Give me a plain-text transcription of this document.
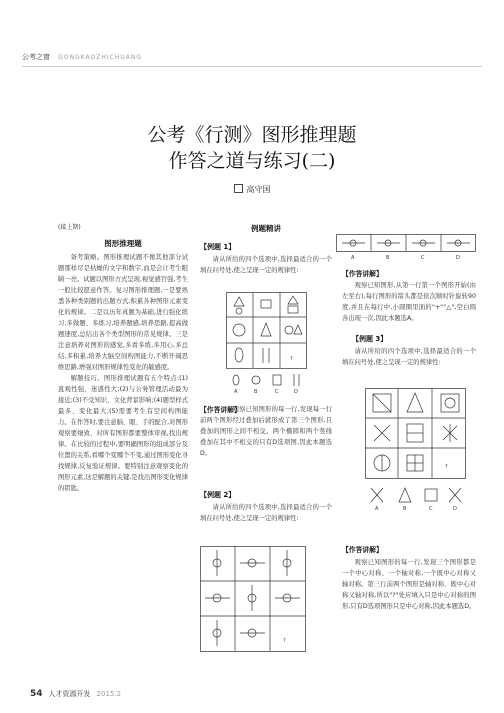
公考之窗 GONGKAOZHICHUANG
公考《行测》图形推理题
作答之道与练习(二)
高守国
(接上期)
图形推理题

备考策略。图形推理试题不像其他部分试题那样尽是枯燥的文字和数字,而是会让考生眼睛一亮。试题以图形方式呈现,视觉感官强,考生一般比较愿意作答。复习图形推理题,一是要熟悉各种类别题的出题方式,积累各种图形元素变化的规律。二是以历年真题为基础,进行强化练习,多做题、多练习,培养题感,培养思路,提高做题速度,总结出各个类型图形的常见规律。三是注意培养对图形的感觉,多看多练,多用心,多总结,多积累,培养大脑空间构图能力,不断开阔思维思路,增强对图形规律性变化的敏感度。

解题技巧。图形推理试题有五个特点:(1)直观性强、迷惑性大;(2)与公务管理活动最为接近;(3)不受知识、文化背景影响;(4)题型样式最多、变化最大;(5)需要考生有空间构图能力。在作答时,要注意脑、眼、手的配合,对图形观察要细致、对所有图形都要整体审视,找出规律。在比较的过程中,要明确图形的组成部分及位置的关系,看哪个变哪个不变,通过图形变化寻找规律,反复验证规律。要特别注意观察变化的图形元素,这是解题的关键,是找出图形变化规律的钥匙。

例题精讲
【例题 1】

请从所给的四个选项中,选择最适合的一个填在问号处,使之呈现一定的规律性:

?
A	B	C	D
【作答讲解】

观察已知图形的每一行,发现每一行前两个图形经过叠加后就形成了第三个图形,且叠加的图形之间不相交。两个椭圆和两个竖线叠加在其中不相交的只有D选项图,因此本题选D。

【例题 2】

请从所给的四个选项中,选择最适合的一个填在问号处,使之呈现一定的规律性:

?
A	B	C	D
【作答讲解】

观察已知图形,从第一行第一个图形开始(由左至右),每行图形的箭头都是依次顺时针旋转90度,并且在每行中,小圆圈里面的"+""△",空白圆各出现一次,因此本题选A。

【例题 3】

请从所给的四个选项中,选择最适合的一个填在问号处,使之呈现一定的规律性:

?
A	B	C	D
【作答讲解】

观察已知图形的每一行,发现三个图形都是一个中心对称、一个轴对称,一个既中心对称又轴对称。第三行前两个图形是轴对称、既中心对称又轴对称,所以"?"处应填入只是中心对称的图形,只有D选项图形只是中心对称,因此本题选D。

54 人才资源开发 2015.2
